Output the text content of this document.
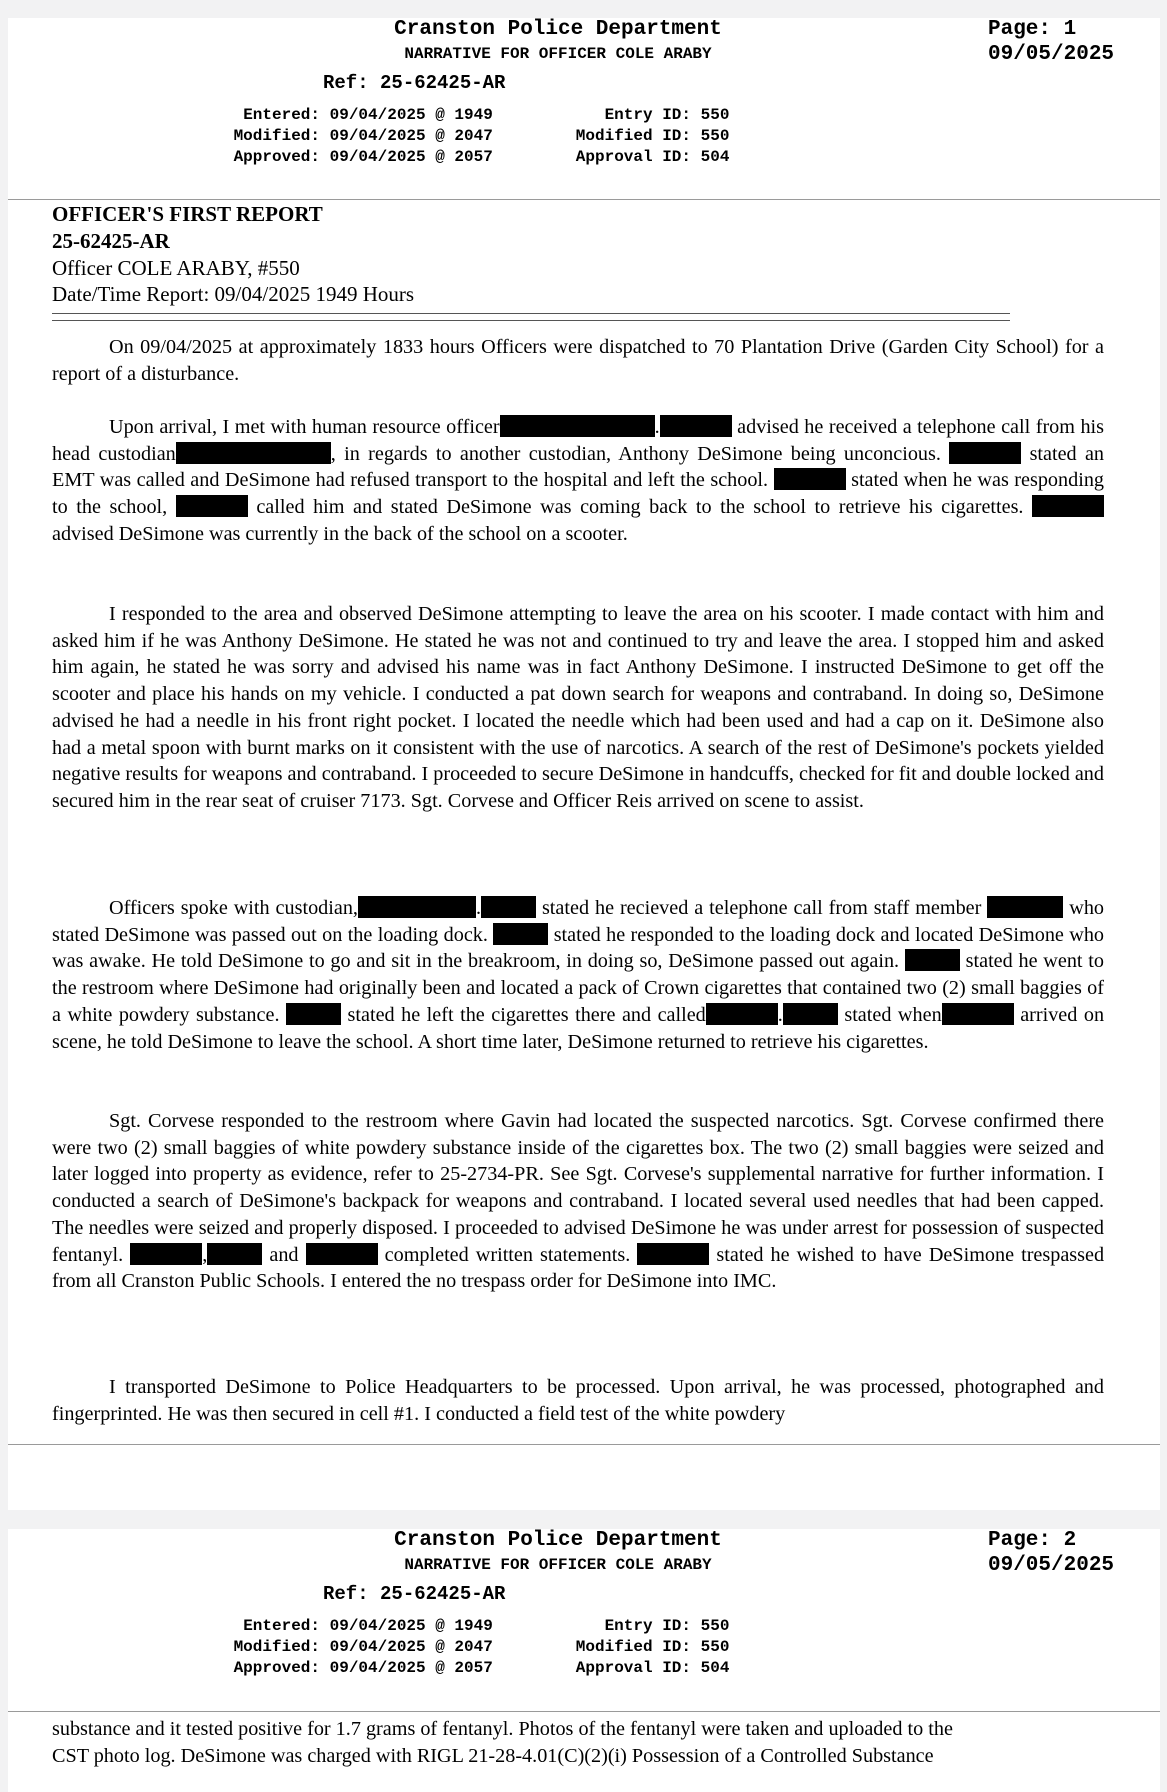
Cranston Police Department
NARRATIVE FOR OFFICER COLE ARABY
Ref: 25-62425-AR
Page: 1
09/05/2025
Entered: 09/04/2025 @ 1949
Modified: 09/04/2025 @ 2047
Approved: 09/04/2025 @ 2057
Entry ID: 550
Modified ID: 550
Approval ID: 504
OFFICER'S FIRST REPORT
25-62425-AR
Officer COLE ARABY, #550
Date/Time Report: 09/04/2025 1949 Hours
On 09/04/2025 at approximately 1833 hours Officers were dispatched to 70 Plantation Drive (Garden City School) for a report of a disturbance.
Upon arrival, I met with human resource officer	.	advised he received a telephone call from his head custodian	, in regards to another custodian, Anthony DeSimone being unconcious.	stated an EMT was called and DeSimone had refused transport to the hospital and left the school.	stated when he was responding to the school,	called him and stated DeSimone was coming back to the school to retrieve his cigarettes.  advised DeSimone was currently in the back of the school on a scooter.
I responded to the area and observed DeSimone attempting to leave the area on his scooter. I made contact with him and asked him if he was Anthony DeSimone. He stated he was not and continued to try and leave the area. I stopped him and asked him again, he stated he was sorry and advised his name was in fact Anthony DeSimone. I instructed DeSimone to get off the scooter and place his hands on my vehicle. I conducted a pat down search for weapons and contraband. In doing so, DeSimone advised he had a needle in his front right pocket. I located the needle which had been used and had a cap on it. DeSimone also had a metal spoon with burnt marks on it consistent with the use of narcotics. A search of the rest of DeSimone's pockets yielded negative results for weapons and contraband. I proceeded to secure DeSimone in handcuffs, checked for fit and double locked and secured him in the rear seat of cruiser 7173. Sgt. Corvese and Officer Reis arrived on scene to assist.
Officers spoke with custodian,	.	stated he recieved a telephone call from staff member	who stated DeSimone was passed out on the loading dock.	stated he responded to the loading dock and located DeSimone who was awake. He told DeSimone to go and sit in the breakroom, in doing so, DeSimone passed out again.	stated he went to the restroom where DeSimone had originally been and located a pack of Crown cigarettes that contained two (2) small baggies of a white powdery substance.	stated he left the cigarettes there and called	.	stated when	arrived on scene, he told DeSimone to leave the school. A short time later, DeSimone returned to retrieve his cigarettes.
Sgt. Corvese responded to the restroom where Gavin had located the suspected narcotics. Sgt. Corvese confirmed there were two (2) small baggies of white powdery substance inside of the cigarettes box. The two (2) small baggies were seized and later logged into property as evidence, refer to 25-2734-PR. See Sgt. Corvese's supplemental narrative for further information. I conducted a search of DeSimone's backpack for weapons and contraband. I located several used needles that had been capped. The needles were seized and properly disposed. I proceeded to advised DeSimone he was under arrest for possession of suspected fentanyl.	,	and	completed written statements.	stated he wished to have DeSimone trespassed from all Cranston Public Schools. I entered the no trespass order for DeSimone into IMC.
I transported DeSimone to Police Headquarters to be processed. Upon arrival, he was processed, photographed and fingerprinted. He was then secured in cell #1. I conducted a field test of the white powdery
Cranston Police Department
NARRATIVE FOR OFFICER COLE ARABY
Ref: 25-62425-AR
Page: 2
09/05/2025
Entered: 09/04/2025 @ 1949
Modified: 09/04/2025 @ 2047
Approved: 09/04/2025 @ 2057
Entry ID: 550
Modified ID: 550
Approval ID: 504
substance and it tested positive for 1.7 grams of fentanyl. Photos of the fentanyl were taken and uploaded to the
CST photo log. DeSimone was charged with RIGL 21-28-4.01(C)(2)(i) Possession of a Controlled Substance
